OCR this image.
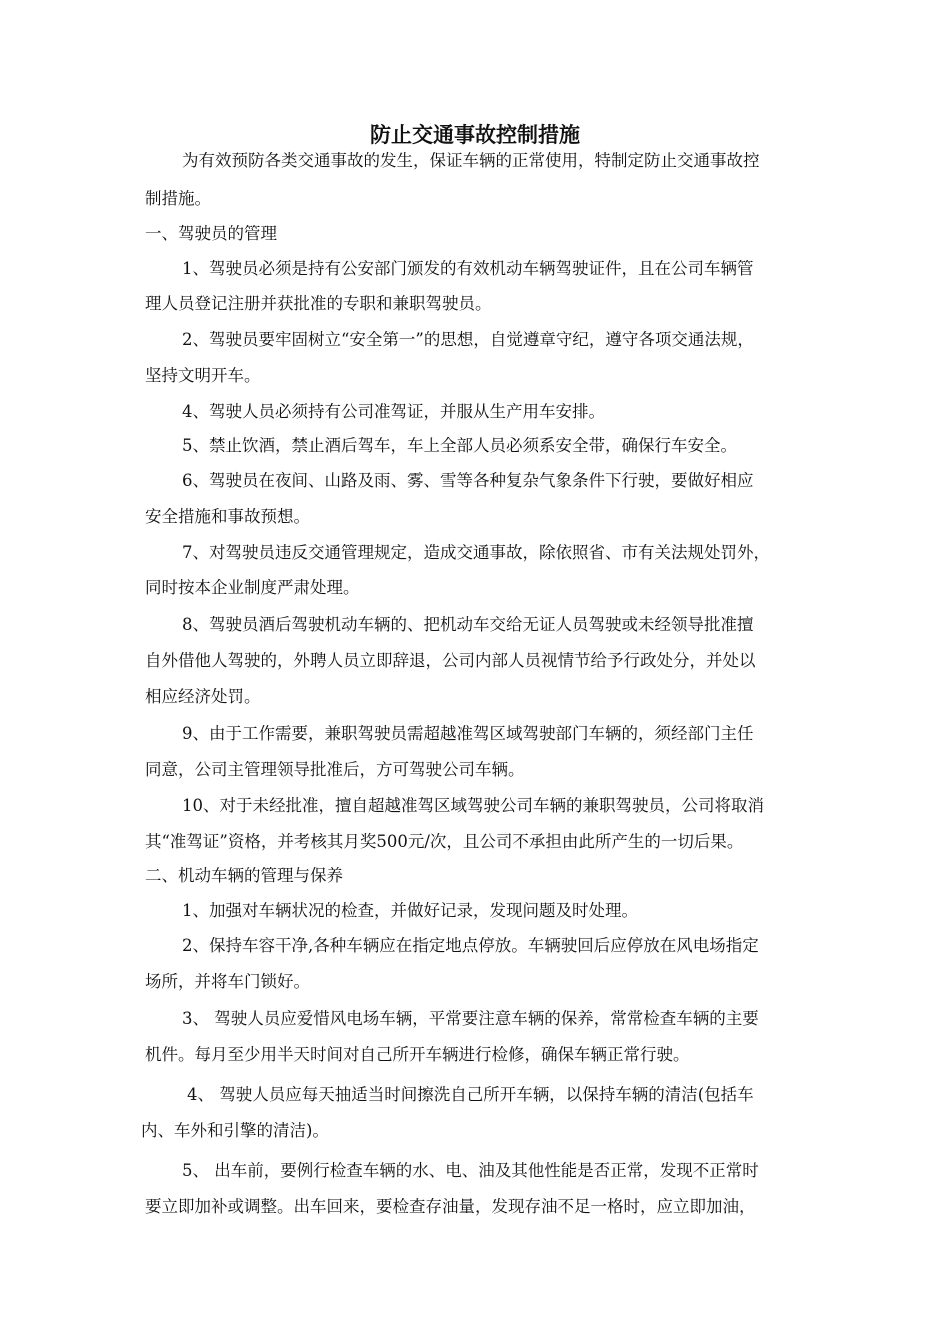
防止交通事故控制措施
为有效预防各类交通事故的发生，保证车辆的正常使用，特制定防止交通事故控
制措施。
一、驾驶员的管理
1、驾驶员必须是持有公安部门颁发的有效机动车辆驾驶证件，且在公司车辆管
理人员登记注册并获批准的专职和兼职驾驶员。
2、驾驶员要牢固树立“安全第一”的思想，自觉遵章守纪，遵守各项交通法规，
坚持文明开车。
4、驾驶人员必须持有公司准驾证，并服从生产用车安排。
5、禁止饮酒，禁止酒后驾车，车上全部人员必须系安全带，确保行车安全。
6、驾驶员在夜间、山路及雨、雾、雪等各种复杂气象条件下行驶，要做好相应
安全措施和事故预想。
7、对驾驶员违反交通管理规定，造成交通事故，除依照省、市有关法规处罚外，
同时按本企业制度严肃处理。
8、驾驶员酒后驾驶机动车辆的、把机动车交给无证人员驾驶或未经领导批准擅
自外借他人驾驶的，外聘人员立即辞退，公司内部人员视情节给予行政处分，并处以
相应经济处罚。
9、由于工作需要，兼职驾驶员需超越准驾区域驾驶部门车辆的，须经部门主任
同意，公司主管理领导批准后，方可驾驶公司车辆。
10、对于未经批准，擅自超越准驾区域驾驶公司车辆的兼职驾驶员，公司将取消
其“准驾证”资格，并考核其月奖500元/次，且公司不承担由此所产生的一切后果。
二、机动车辆的管理与保养
1、加强对车辆状况的检查，并做好记录，发现问题及时处理。
2、保持车容干净,各种车辆应在指定地点停放。车辆驶回后应停放在风电场指定
场所，并将车门锁好。
3、 驾驶人员应爱惜风电场车辆，平常要注意车辆的保养，常常检查车辆的主要
机件。每月至少用半天时间对自己所开车辆进行检修，确保车辆正常行驶。
4、 驾驶人员应每天抽适当时间擦洗自己所开车辆，以保持车辆的清洁(包括车
内、车外和引擎的清洁)。
5、 出车前，要例行检查车辆的水、电、油及其他性能是否正常，发现不正常时
要立即加补或调整。出车回来，要检查存油量，发现存油不足一格时，应立即加油，
